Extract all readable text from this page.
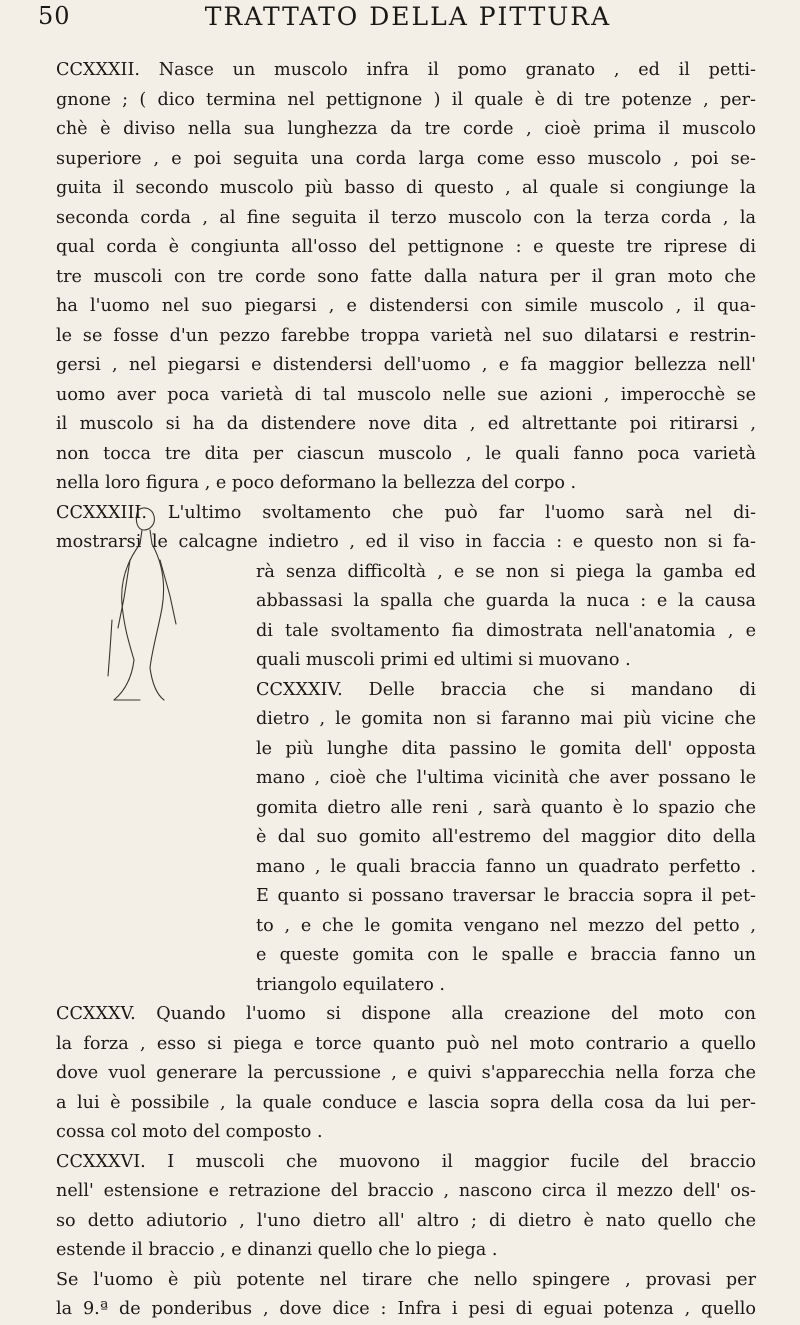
50	TRATTATO DELLA PITTURA
CCXXXII. Nasce un muscolo infra il pomo granato , ed il petti-
gnone ; ( dico termina nel pettignone ) il quale è di tre potenze , per-
chè è diviso nella sua lunghezza da tre corde , cioè prima il muscolo
superiore , e poi seguita una corda larga come esso muscolo , poi se-
guita il secondo muscolo più basso di questo , al quale si congiunge la
seconda corda , al fine seguita il terzo muscolo con la terza corda , la
qual corda è congiunta all'osso del pettignone : e queste tre riprese di
tre muscoli con tre corde sono fatte dalla natura per il gran moto che
ha l'uomo nel suo piegarsi , e distendersi con simile muscolo , il qua-
le se fosse d'un pezzo farebbe troppa varietà nel suo dilatarsi e restrin-
gersi , nel piegarsi e distendersi dell'uomo , e fa maggior bellezza nell'
uomo aver poca varietà di tal muscolo nelle sue azioni , imperocchè se
il muscolo si ha da distendere nove dita , ed altrettante poi ritirarsi ,
non tocca tre dita per ciascun muscolo , le quali fanno poca varietà
nella loro figura , e poco deformano la bellezza del corpo .
CCXXXIII. L'ultimo svoltamento che può far l'uomo sarà nel di-
mostrarsi le calcagne indietro , ed il viso in faccia : e questo non si fa-
rà senza difficoltà , e se non si piega la gamba ed
abbassasi la spalla che guarda la nuca : e la causa
di tale svoltamento fia dimostrata nell'anatomia , e
quali muscoli primi ed ultimi si muovano .
CCXXXIV. Delle braccia che si mandano di
dietro , le gomita non si faranno mai più vicine che
le più lunghe dita passino le gomita dell' opposta
mano , cioè che l'ultima vicinità che aver possano le
gomita dietro alle reni , sarà quanto è lo spazio che
è dal suo gomito all'estremo del maggior dito della
mano , le quali braccia fanno un quadrato perfetto .
E quanto si possano traversar le braccia sopra il pet-
to , e che le gomita vengano nel mezzo del petto ,
e queste gomita con le spalle e braccia fanno un
triangolo equilatero .
CCXXXV. Quando l'uomo si dispone alla creazione del moto con
la forza , esso si piega e torce quanto può nel moto contrario a quello
dove vuol generare la percussione , e quivi s'apparecchia nella forza che
a lui è possibile , la quale conduce e lascia sopra della cosa da lui per-
cossa col moto del composto .
CCXXXVI. I muscoli che muovono il maggior fucile del braccio
nell' estensione e retrazione del braccio , nascono circa il mezzo dell' os-
so detto adiutorio , l'uno dietro all' altro ; di dietro è nato quello che
estende il braccio , e dinanzi quello che lo piega .
Se l'uomo è più potente nel tirare che nello spingere , provasi per
la 9.ª de ponderibus , dove dice : Infra i pesi di eguai potenza , quello
